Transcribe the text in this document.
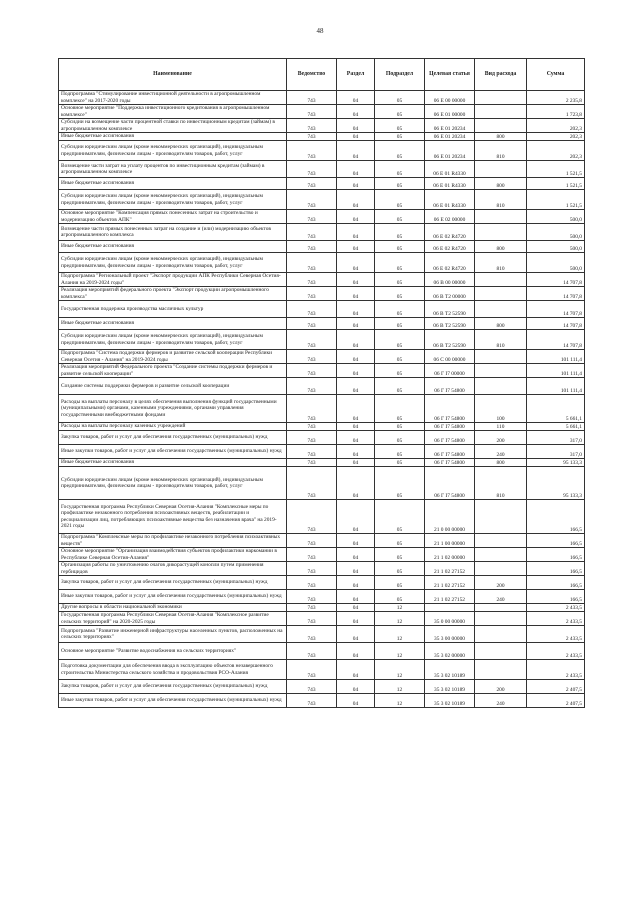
48
Наименование	Ведомство	Раздел	Подраздел	Целевая статья	Вид расхода	Сумма
Подпрограмма "Стимулирование инвестиционной деятельности в агропромышленном комплексе" на 2017-2020 годы	743	04	05	06 Е 00 00000		2 235,8
Основное мероприятие "Поддержка инвестиционного кредитования в агропромышленном комплексе"	743	04	05	06 Е 01 00000		1 723,8
Субсидии на возмещение части процентной ставки по инвестиционным кредитам (займам) в агропромышленном комплексе	743	04	05	06 Е 01 20234		202,3
Иные бюджетные ассигнования	743	04	05	06 Е 01 20234	800	202,3
Субсидии юридическим лицам (кроме некоммерческих организаций), индивидуальным предпринимателям, физическим лицам - производителям товаров, работ, услуг	743	04	05	06 Е 01 20234	810	202,3
Возмещение части затрат на уплату процентов по инвестиционным кредитам (займам) в агропромышленном комплексе	743	04	05	06 Е 01 R4330		1 521,5
Иные бюджетные ассигнования	743	04	05	06 Е 01 R4330	800	1 521,5
Субсидии юридическим лицам (кроме некоммерческих организаций), индивидуальным предпринимателям, физическим лицам - производителям товаров, работ, услуг	743	04	05	06 Е 01 R4330	810	1 521,5
Основное мероприятие "Компенсация прямых понесенных затрат на строительство и модернизацию объектов АПК"	743	04	05	06 Е 02 00000		500,0
Возмещение части прямых понесенных затрат на создание и (или) модернизацию объектов агропромышленного комплекса	743	04	05	06 Е 02 R4720		500,0
Иные бюджетные ассигнования	743	04	05	06 Е 02 R4720	800	500,0
Субсидии юридическим лицам (кроме некоммерческих организаций), индивидуальным предпринимателям, физическим лицам - производителям товаров, работ, услуг	743	04	05	06 Е 02 R4720	810	500,0
Подпрограмма "Региональный проект "Экспорт продукции АПК Республики Северная Осетия-Алания на 2019-2024 годы"	743	04	05	06 В 00 00000		14 707,8
Реализация мероприятий федерального проекта "Экспорт продукции агропромышленного комплекса"	743	04	05	06 В Т2 00000		14 707,8
Государственная поддержка производства масличных культур	743	04	05	06 В Т2 52590		14 707,8
Иные бюджетные ассигнования	743	04	05	06 В Т2 52590	800	14 707,8
Субсидии юридическим лицам (кроме некоммерческих организаций), индивидуальным предпринимателям, физическим лицам - производителям товаров, работ, услуг	743	04	05	06 В Т2 52590	810	14 707,8
Подпрограмма "Система поддержки фермеров и развитие сельской кооперации Республики Северная Осетия - Алания" на 2019-2024 годы	743	04	05	06 С 00 00000		101 111,4
Реализация мероприятий Федерального проекта "Создание системы поддержки фермеров и развитие сельской кооперации"	743	04	05	06 Г I7 00000		101 111,4
Создание системы поддержки фермеров и развитие сельской кооперации	743	04	05	06 Г I7 54800		101 111,4
Расходы на выплаты персоналу в целях обеспечения выполнения функций государственными (муниципальными) органами, казенными учреждениями, органами управления государственными внебюджетными фондами	743	04	05	06 Г I7 54800	100	5 661,1
Расходы на выплаты персоналу казенных учреждений	743	04	05	06 Г I7 54800	110	5 661,1
Закупка товаров, работ и услуг для обеспечения государственных (муниципальных) нужд	743	04	05	06 Г I7 54800	200	317,0
Иные закупки товаров, работ и услуг для обеспечения государственных (муниципальных) нужд	743	04	05	06 Г I7 54800	240	317,0
Иные бюджетные ассигнования	743	04	05	06 Г I7 54800	800	95 133,3
Субсидии юридическим лицам (кроме некоммерческих организаций), индивидуальным предпринимателям, физическим лицам - производителям товаров, работ, услуг	743	04	05	06 Г I7 54800	810	95 133,3
Государственная программа Республики Северная Осетия-Алания "Комплексные меры по профилактике незаконного потребления психоактивных веществ, реабилитации и ресоциализации лиц, потребляющих психоактивные вещества без назначения врача" на 2019-2021 годы	743	04	05	21 0 00 00000		166,5
Подпрограмма "Комплексные меры по профилактике незаконного потребления психоактивных веществ"	743	04	05	21 1 00 00000		166,5
Основное мероприятие "Организация взаимодействия субъектов профилактики наркомании в Республике Северная Осетия-Алания"	743	04	05	21 1 02 00000		166,5
Организация работы по уничтожению очагов дикорастущей конопли путем применения гербицидов	743	04	05	21 1 02 27152		166,5
Закупка товаров, работ и услуг для обеспечения государственных (муниципальных) нужд	743	04	05	21 1 02 27152	200	166,5
Иные закупки товаров, работ и услуг для обеспечения государственных (муниципальных) нужд	743	04	05	21 1 02 27152	240	166,5
Другие вопросы в области национальной экономики	743	04	12			2 433,5
Государственная программа Республики Северная Осетия-Алания "Комплексное развитие сельских территорий" на 2020-2025 годы	743	04	12	35 0 00 00000		2 433,5
Подпрограмма "Развитие инженерной инфраструктуры населенных пунктов, расположенных на сельских территориях"	743	04	12	35 3 00 00000		2 433,5
Основное мероприятие "Развитие водоснабжения на сельских территориях"	743	04	12	35 3 02 00000		2 433,5
Подготовка документации для обеспечения ввода в эксплуатацию объектов незавершенного строительства Министерства сельского хозяйства и продовольствия РСО-Алания	743	04	12	35 3 02 10189		2 433,5
Закупка товаров, работ и услуг для обеспечения государственных (муниципальных) нужд	743	04	12	35 3 02 10189	200	2 407,5
Иные закупки товаров, работ и услуг для обеспечения государственных (муниципальных) нужд	743	04	12	35 3 02 10189	240	2 407,5
